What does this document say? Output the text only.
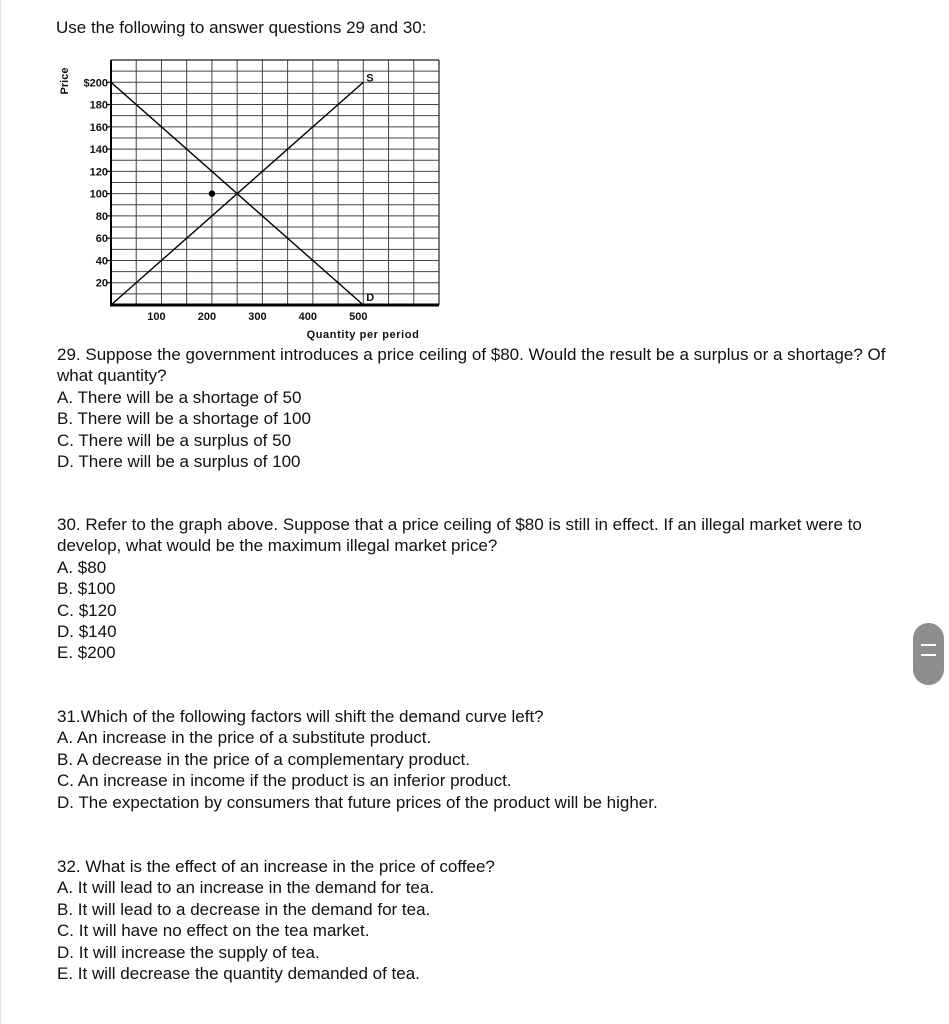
Use the following to answer questions 29 and 30:
$200
180
160
140
120
100
80
60
40
20
100	200	300	400	500
Price
Quantity per period
S
D
29. Suppose the government introduces a price ceiling of $80. Would the result be a surplus or a shortage? Of what quantity?
A. There will be a shortage of 50
B. There will be a shortage of 100
C. There will be a surplus of 50
D. There will be a surplus of 100
30. Refer to the graph above. Suppose that a price ceiling of $80 is still in effect. If an illegal market were to develop, what would be the maximum illegal market price?
A. $80
B. $100
C. $120
D. $140
E. $200
31.Which of the following factors will shift the demand curve left?
A. An increase in the price of a substitute product.
B. A decrease in the price of a complementary product.
C. An increase in income if the product is an inferior product.
D. The expectation by consumers that future prices of the product will be higher.
32. What is the effect of an increase in the price of coffee?
A. It will lead to an increase in the demand for tea.
B. It will lead to a decrease in the demand for tea.
C. It will have no effect on the tea market.
D. It will increase the supply of tea.
E. It will decrease the quantity demanded of tea.
